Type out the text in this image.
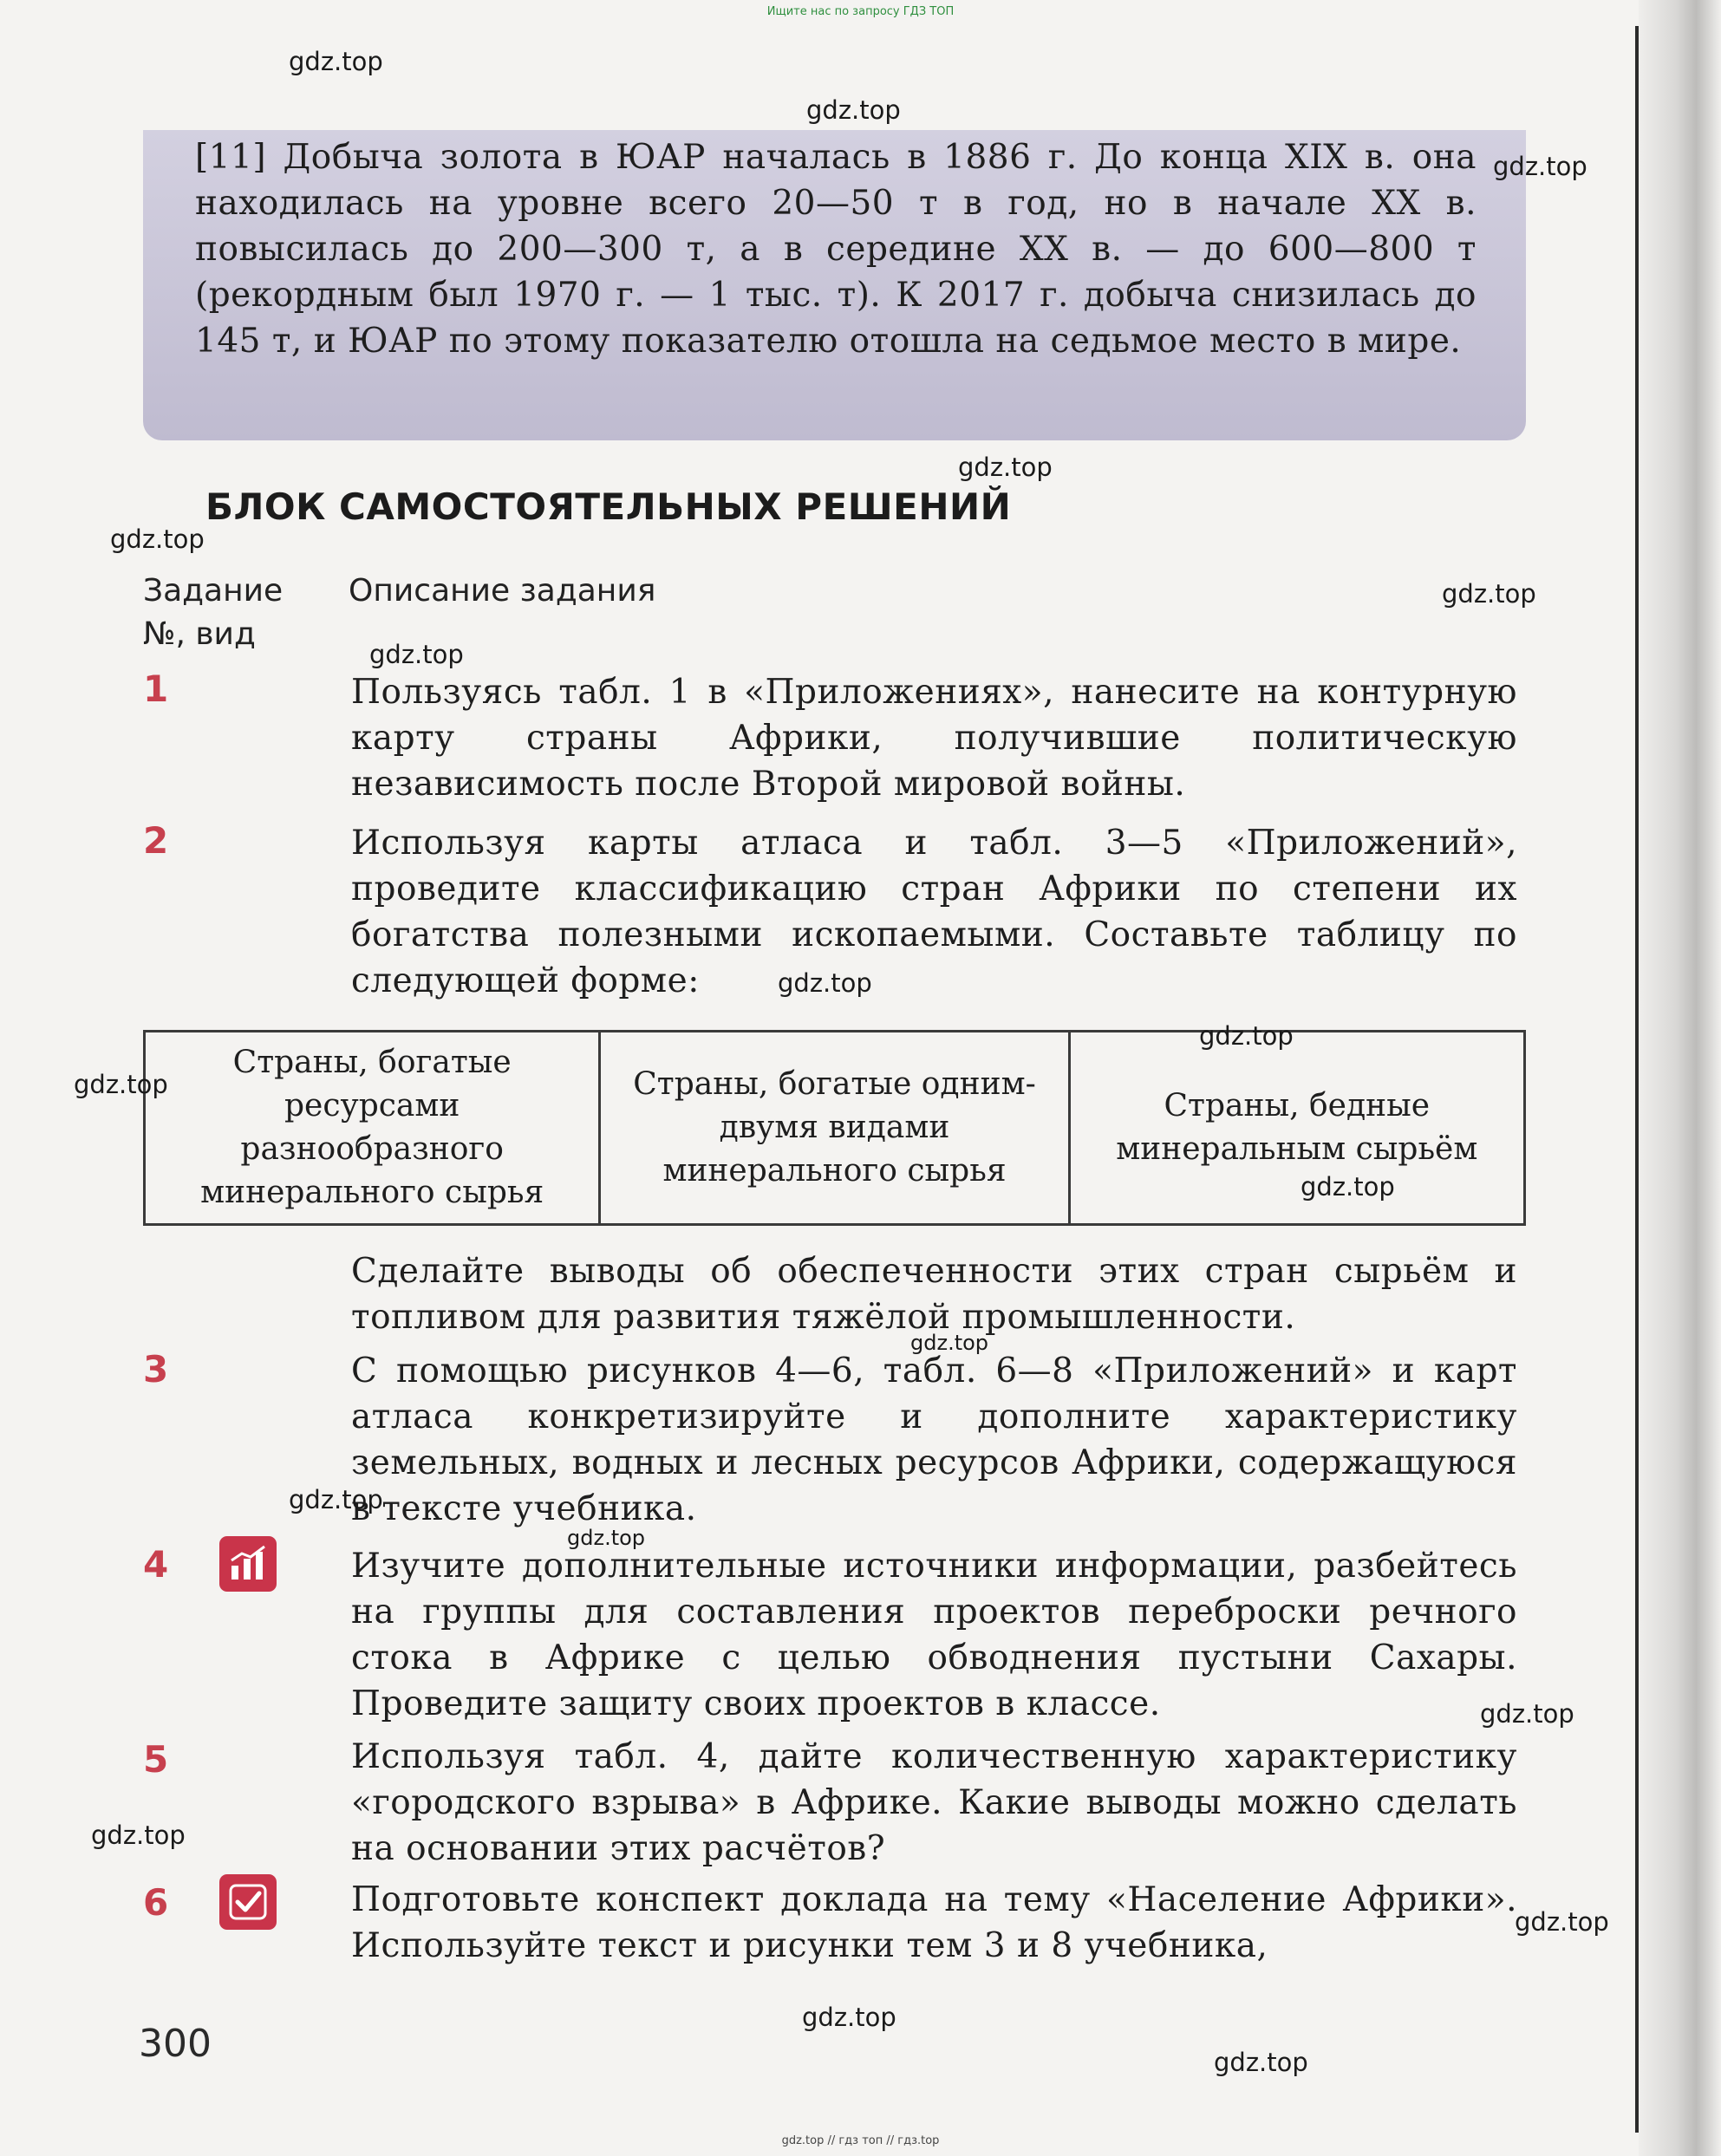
Ищите нас по запросу ГДЗ ТОП
[11] Добыча золота в ЮАР началась в 1886 г. До конца XIX в. она находилась на уровне всего 20—50 т в год, но в начале XX в. повысилась до 200—300 т, а в середине XX в. — до 600—800 т (рекордным был 1970 г. — 1 тыс. т). К 2017 г. добыча снизилась до 145 т, и ЮАР по этому показателю отошла на седьмое место в мире.
БЛОК САМОСТОЯТЕЛЬНЫХ РЕШЕНИЙ
Задание
№, вид
Описание задания
1	Пользуясь табл. 1 в «Приложениях», нанесите на контурную карту страны Африки, получившие политическую независимость после Второй мировой войны.
2	Используя карты атласа и табл. 3—5 «Приложений», проведите классификацию стран Африки по степени их богатства полезными ископаемыми. Составьте таблицу по следующей форме:
Страны, богатые ресурсами разнообразного минерального сырья	Страны, богатые одним-двумя видами минерального сырья	Страны, бедные минеральным сырьём
Сделайте выводы об обеспеченности этих стран сырьём и топливом для развития тяжёлой промышленности.
3	С помощью рисунков 4—6, табл. 6—8 «Приложений» и карт атласа конкретизируйте и дополните характеристику земельных, водных и лесных ресурсов Африки, содержащуюся в тексте учебника.
4	Изучите дополнительные источники информации, разбейтесь на группы для составления проектов переброски речного стока в Африке с целью обводнения пустыни Сахары. Проведите защиту своих проектов в классе.
5	Используя табл. 4, дайте количественную характеристику «городского взрыва» в Африке. Какие выводы можно сделать на основании этих расчётов?
6	Подготовьте конспект доклада на тему «Население Африки». Используйте текст и рисунки тем 3 и 8 учебника,
300
gdz.top
gdz.top
gdz.top
gdz.top
gdz.top
gdz.top
gdz.top
gdz.top
gdz.top
gdz.top
gdz.top
gdz.top
gdz.top
gdz.top
gdz.top
gdz.top
gdz.top
gdz.top
gdz.top
gdz.top // гдз топ // гдз.top
